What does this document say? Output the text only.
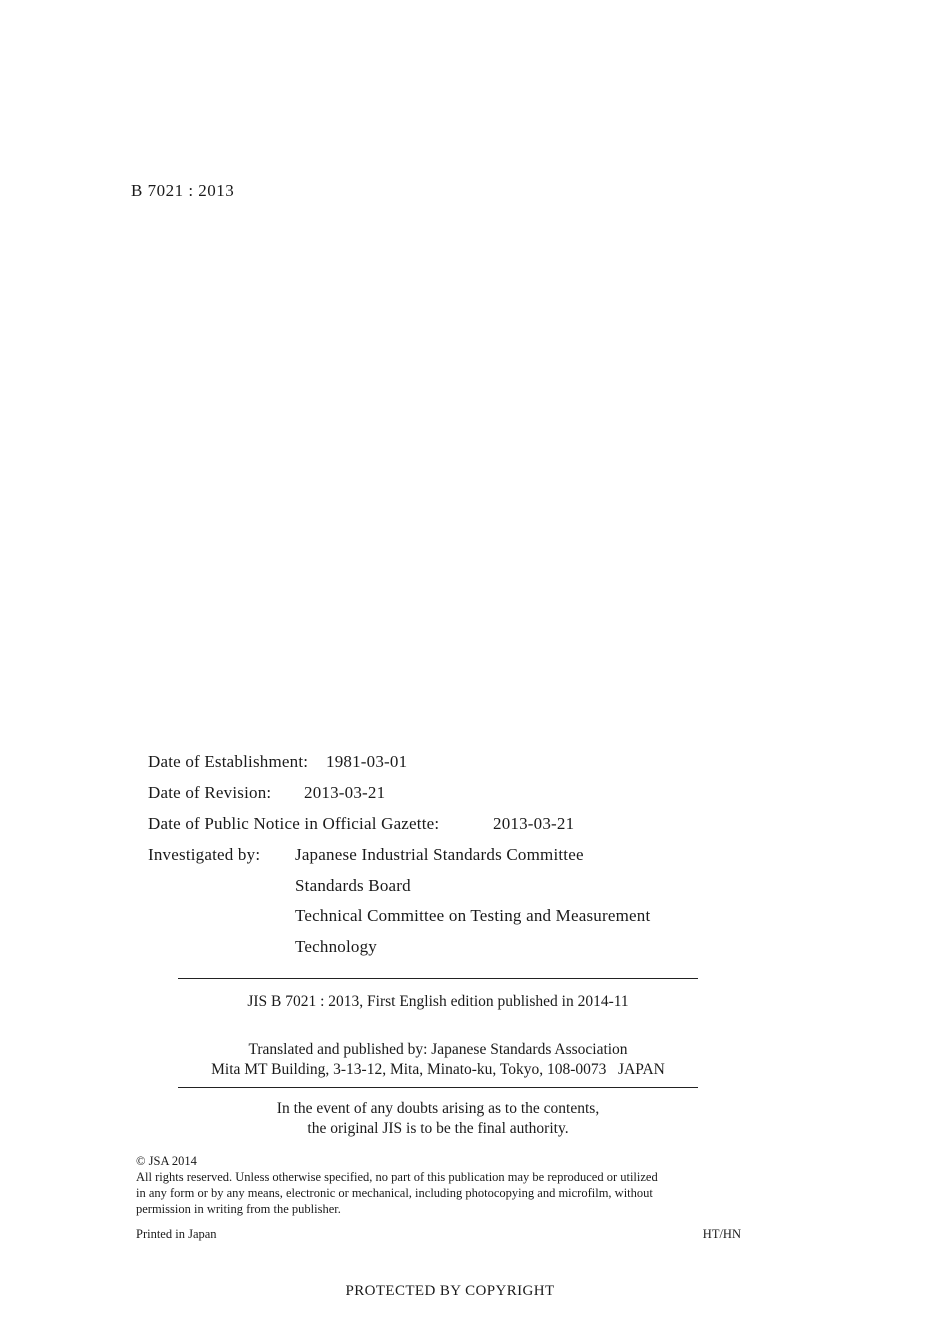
B 7021 : 2013
Date of Establishment: 1981-03-01
Date of Revision: 2013-03-21
Date of Public Notice in Official Gazette:	2013-03-21
Investigated by: Japanese Industrial Standards Committee
Standards Board
Technical Committee on Testing and Measurement
Technology
JIS B 7021 : 2013, First English edition published in 2014-11
Translated and published by: Japanese Standards Association
Mita MT Building, 3-13-12, Mita, Minato-ku, Tokyo, 108-0073   JAPAN
In the event of any doubts arising as to the contents,
the original JIS is to be the final authority.
© JSA 2014
All rights reserved. Unless otherwise specified, no part of this publication may be reproduced or utilized
in any form or by any means, electronic or mechanical, including photocopying and microfilm, without
permission in writing from the publisher.
Printed in Japan	HT/HN
PROTECTED BY COPYRIGHT
